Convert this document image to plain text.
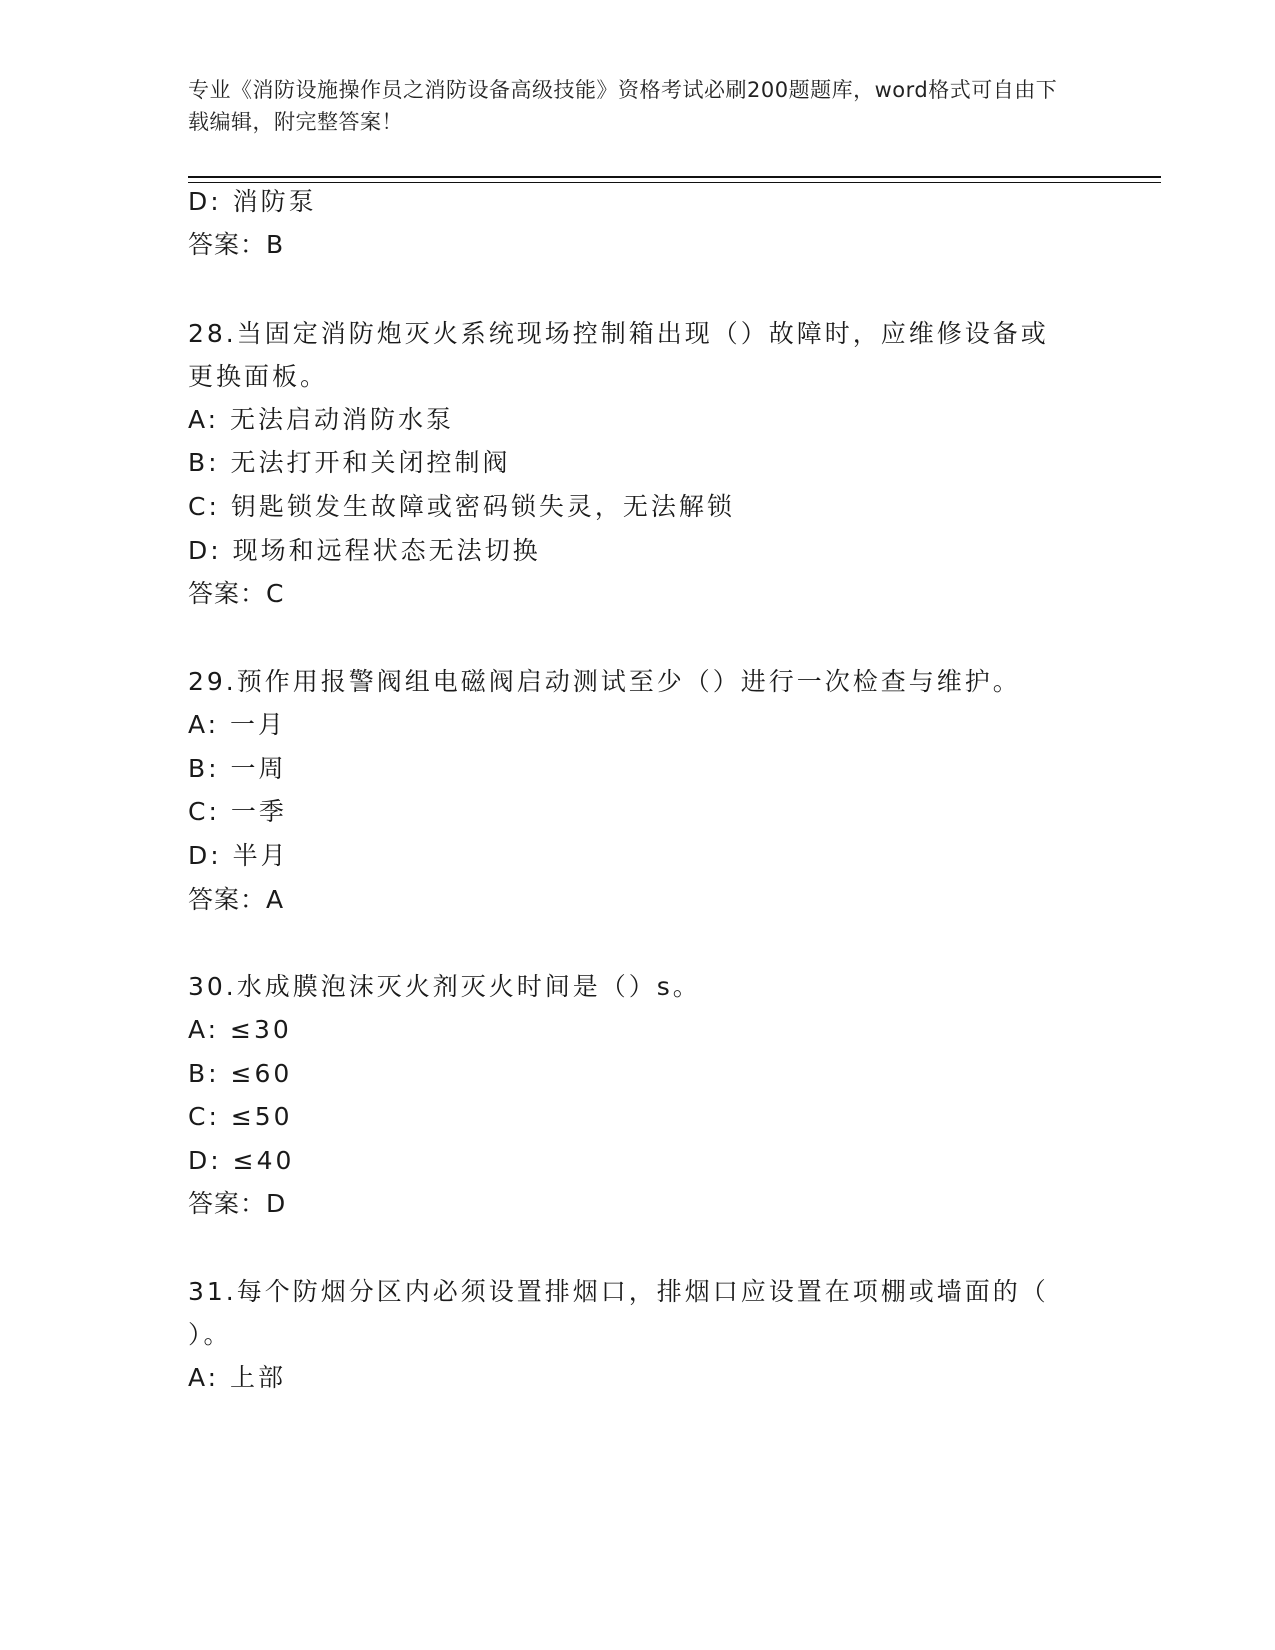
专业《消防设施操作员之消防设备高级技能》资格考试必刷200题题库，word格式可自由下载编辑，附完整答案！
D: 消防泵
答案：B
28.当固定消防炮灭火系统现场控制箱出现（）故障时，应维修设备或
更换面板。
A: 无法启动消防水泵
B: 无法打开和关闭控制阀
C: 钥匙锁发生故障或密码锁失灵，无法解锁
D: 现场和远程状态无法切换
答案：C
29.预作用报警阀组电磁阀启动测试至少（）进行一次检查与维护。
A: 一月
B: 一周
C: 一季
D: 半月
答案：A
30.水成膜泡沫灭火剂灭火时间是（）s。
A: ≤30
B: ≤60
C: ≤50
D: ≤40
答案：D
31.每个防烟分区内必须设置排烟口，排烟口应设置在项棚或墙面的（
）。
A: 上部
